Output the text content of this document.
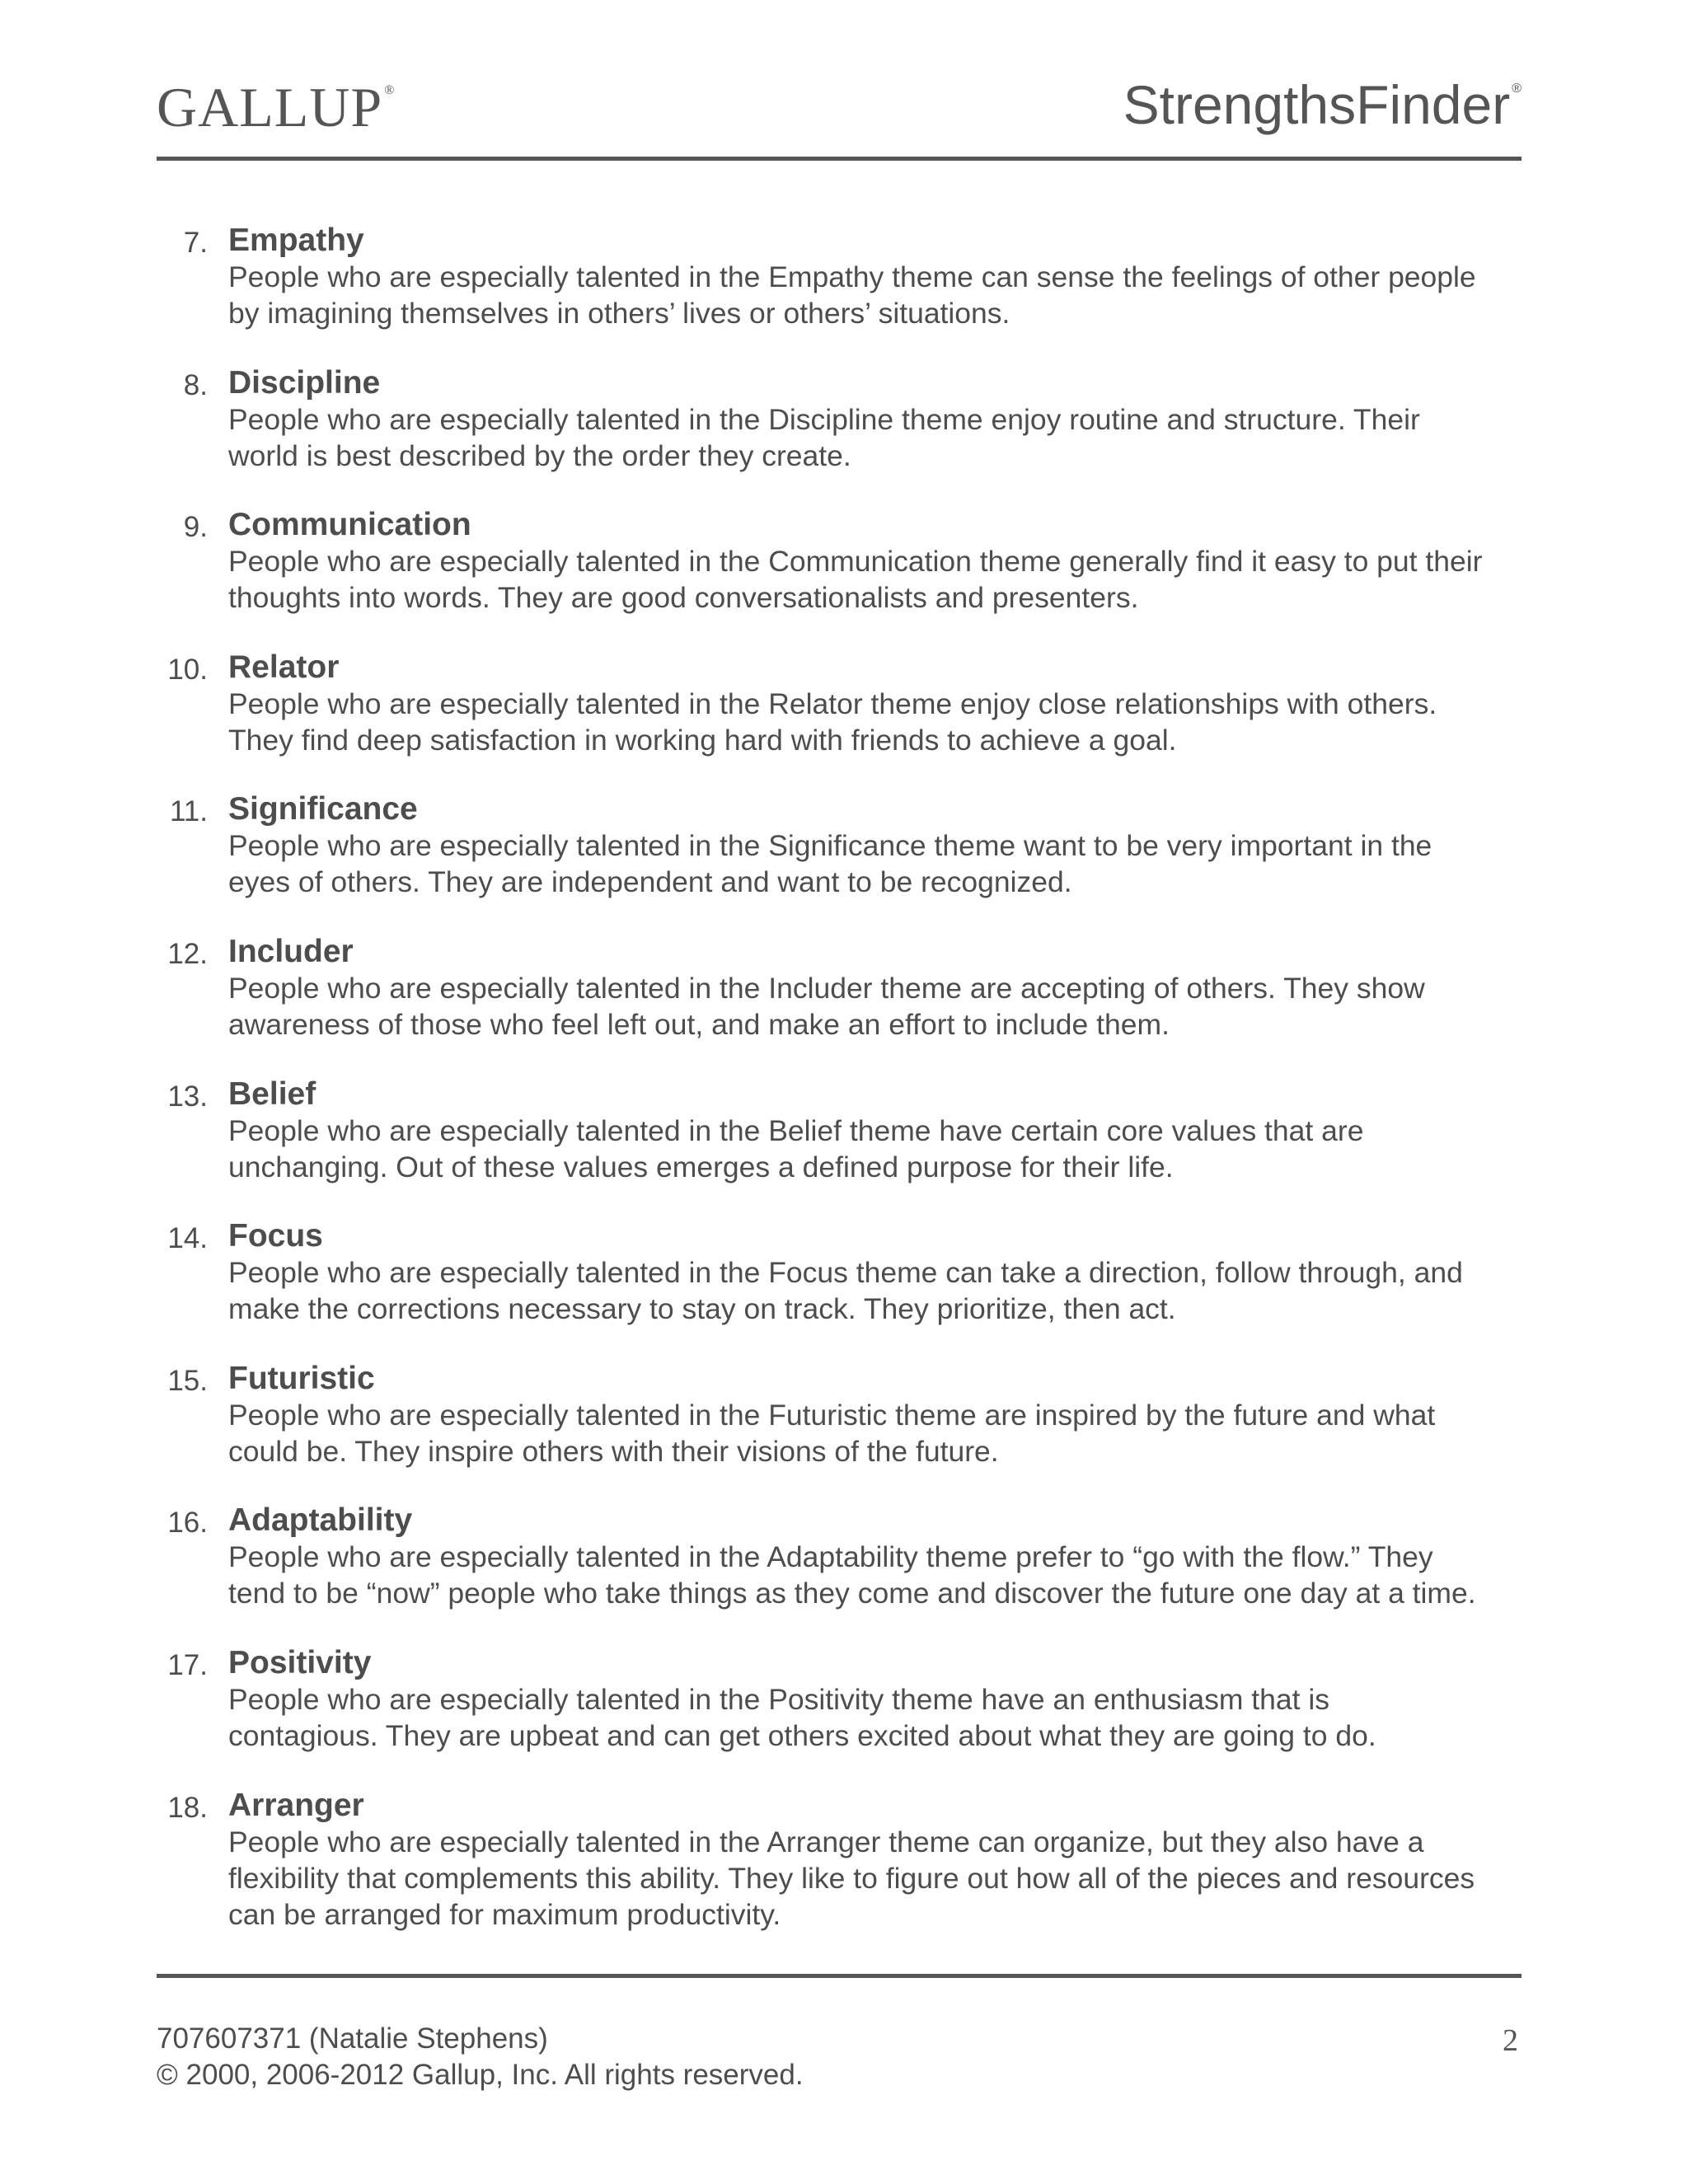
GALLUP ®	StrengthsFinder ®
7. Empathy

People who are especially talented in the Empathy theme can sense the feelings of other people
by imagining themselves in others’ lives or others’ situations.

8. Discipline

People who are especially talented in the Discipline theme enjoy routine and structure. Their
world is best described by the order they create.

9. Communication

People who are especially talented in the Communication theme generally find it easy to put their
thoughts into words. They are good conversationalists and presenters.

10. Relator

People who are especially talented in the Relator theme enjoy close relationships with others.
They find deep satisfaction in working hard with friends to achieve a goal.

11. Significance

People who are especially talented in the Significance theme want to be very important in the
eyes of others. They are independent and want to be recognized.

12. Includer

People who are especially talented in the Includer theme are accepting of others. They show
awareness of those who feel left out, and make an effort to include them.

13. Belief

People who are especially talented in the Belief theme have certain core values that are
unchanging. Out of these values emerges a defined purpose for their life.

14. Focus

People who are especially talented in the Focus theme can take a direction, follow through, and
make the corrections necessary to stay on track. They prioritize, then act.

15. Futuristic

People who are especially talented in the Futuristic theme are inspired by the future and what
could be. They inspire others with their visions of the future.

16. Adaptability

People who are especially talented in the Adaptability theme prefer to “go with the flow.” They
tend to be “now” people who take things as they come and discover the future one day at a time.

17. Positivity

People who are especially talented in the Positivity theme have an enthusiasm that is
contagious. They are upbeat and can get others excited about what they are going to do.

18. Arranger

People who are especially talented in the Arranger theme can organize, but they also have a
flexibility that complements this ability. They like to figure out how all of the pieces and resources
can be arranged for maximum productivity.

707607371 (Natalie Stephens)
© 2000, 2006-2012 Gallup, Inc. All rights reserved.
2
